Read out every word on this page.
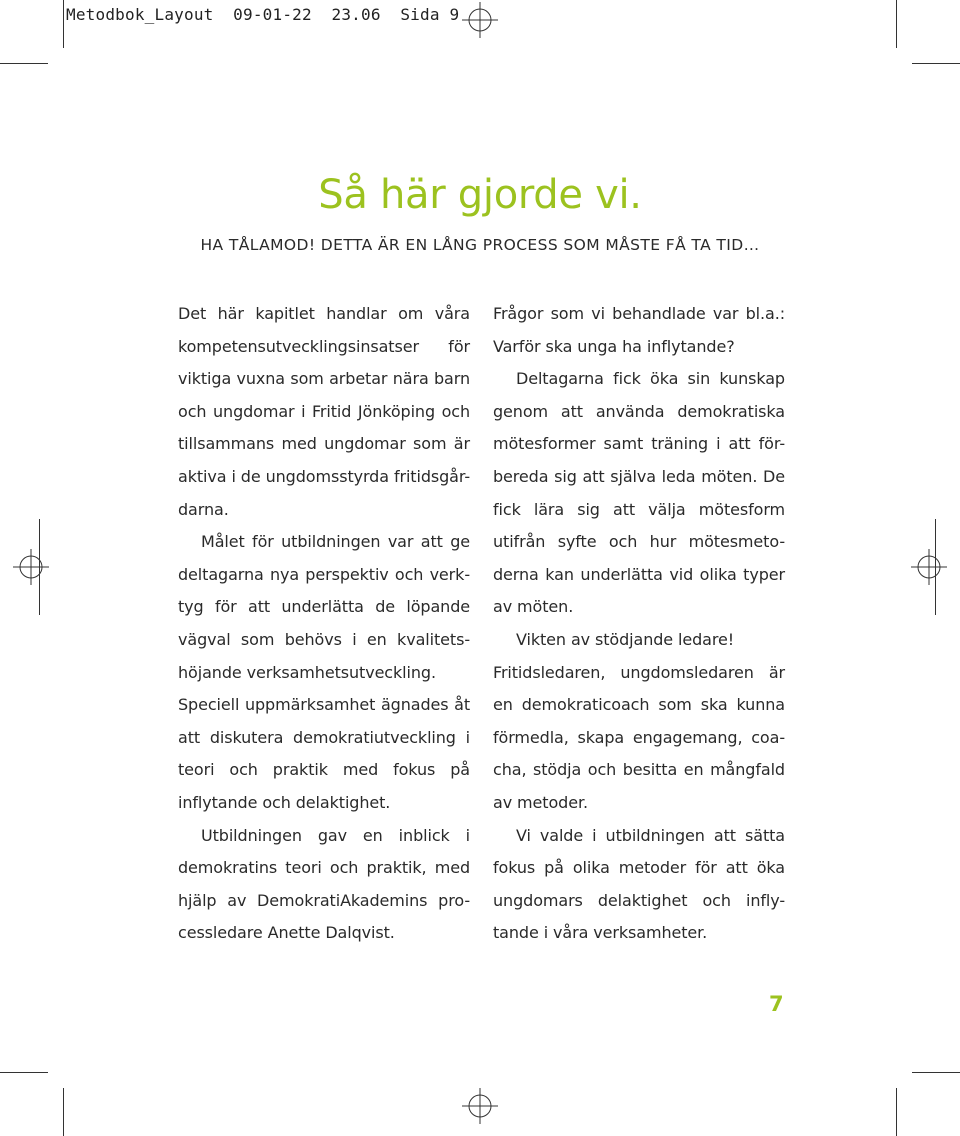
Metodbok_Layout  09-01-22  23.06  Sida 9
Så här gjorde vi.
HA TÅLAMOD! DETTA ÄR EN LÅNG PROCESS SOM MÅSTE FÅ TA TID…
Det här kapitlet handlar om våra
kompetensutvecklingsinsatser för
viktiga vuxna som arbetar nära barn
och ungdomar i Fritid Jönköping och
tillsammans med ungdomar som är
aktiva i de ungdomsstyrda fritidsgår-
darna.
Målet för utbildningen var att ge
deltagarna nya perspektiv och verk-
tyg för att underlätta de löpande
vägval som behövs i en kvalitets-
höjande verksamhetsutveckling.
Speciell uppmärksamhet ägnades åt
att diskutera demokratiutveckling i
teori och praktik med fokus på
inflytande och delaktighet.
Utbildningen gav en inblick i
demokratins teori och praktik, med
hjälp av DemokratiAkademins pro-
cessledare Anette Dalqvist.
Frågor som vi behandlade var bl.a.:
Varför ska unga ha inflytande?
Deltagarna fick öka sin kunskap
genom att använda demokratiska
mötesformer samt träning i att för-
bereda sig att själva leda möten. De
fick lära sig att välja mötesform
utifrån syfte och hur mötesmeto-
derna kan underlätta vid olika typer
av möten.
Vikten av stödjande ledare!
Fritidsledaren, ungdomsledaren är
en demokraticoach som ska kunna
förmedla, skapa engagemang, coa-
cha, stödja och besitta en mångfald
av metoder.
Vi valde i utbildningen att sätta
fokus på olika metoder för att öka
ungdomars delaktighet och infly-
tande i våra verksamheter.
7
